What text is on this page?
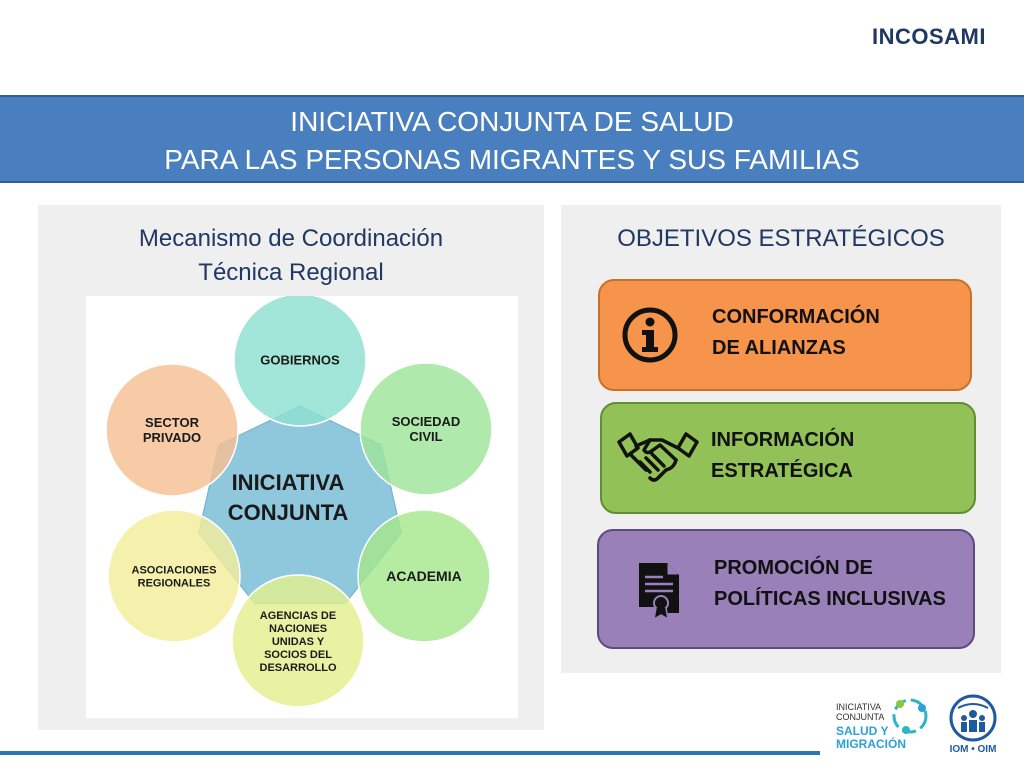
INCOSAMI
INICIATIVA CONJUNTA DE SALUD
PARA LAS PERSONAS MIGRANTES Y SUS FAMILIAS
Mecanismo de Coordinación
Técnica Regional
INICIATIVA CONJUNTA
GOBIERNOS
SOCIEDAD CIVIL
ACADEMIA
AGENCIAS DE NACIONES UNIDAS Y SOCIOS DEL DESARROLLO
ASOCIACIONES REGIONALES
SECTOR PRIVADO
OBJETIVOS ESTRATÉGICOS
CONFORMACIÓN
DE ALIANZAS
INFORMACIÓN
ESTRATÉGICA
PROMOCIÓN DE
POLÍTICAS INCLUSIVAS
INICIATIVA
CONJUNTA
SALUD Y
MIGRACIÓN	IOM • OIM
